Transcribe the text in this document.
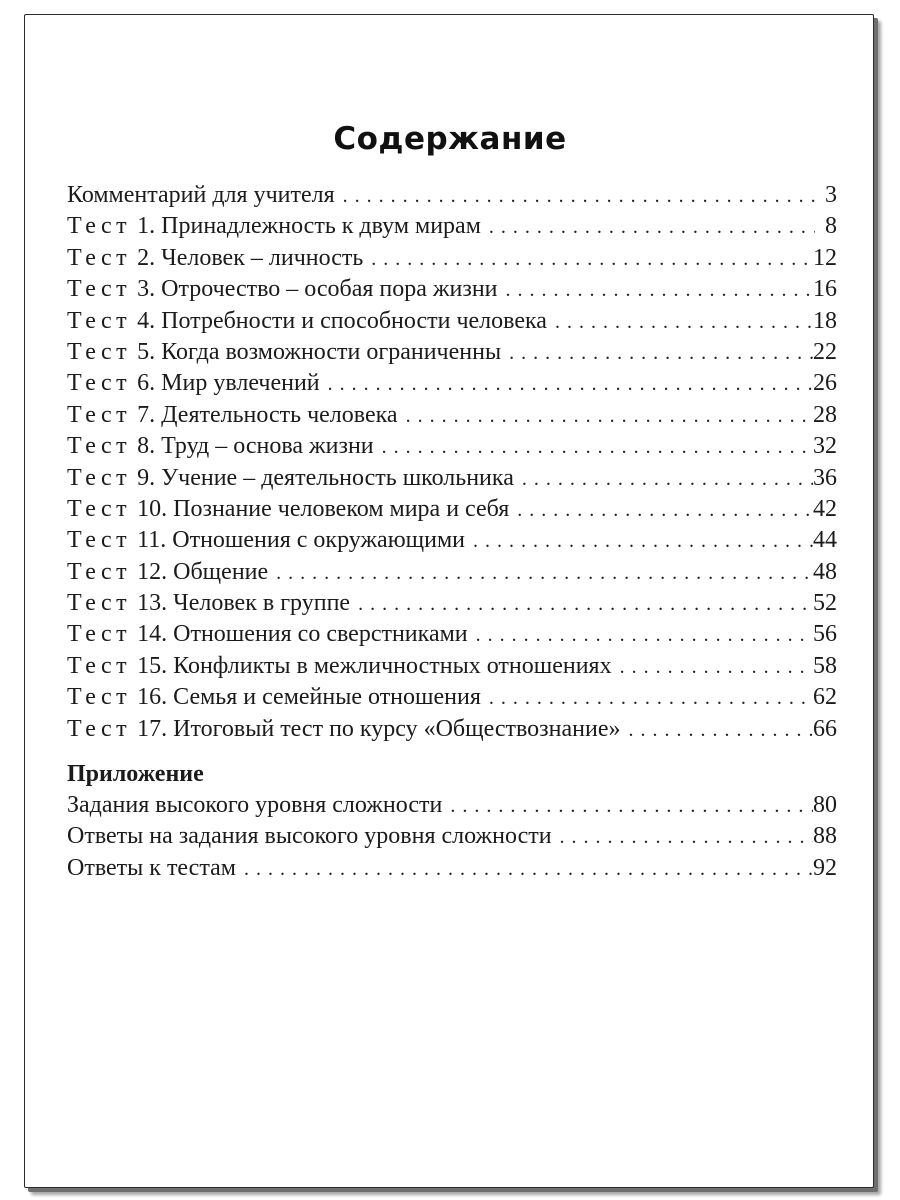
Содержание
Комментарий для учителя . . .	3
Тест 1. Принадлежность к двум мирам . . .	8
Тест 2. Человек – личность . . .	12
Тест 3. Отрочество – особая пора жизни . . .	16
Тест 4. Потребности и способности человека . . .	18
Тест 5. Когда возможности ограниченны . . .	22
Тест 6. Мир увлечений . . .	26
Тест 7. Деятельность человека . . .	28
Тест 8. Труд – основа жизни . . .	32
Тест 9. Учение – деятельность школьника . . .	36
Тест 10. Познание человеком мира и себя . . .	42
Тест 11. Отношения с окружающими . . .	44
Тест 12. Общение . . .	48
Тест 13. Человек в группе . . .	52
Тест 14. Отношения со сверстниками . . .	56
Тест 15. Конфликты в межличностных отношениях . . .	58
Тест 16. Семья и семейные отношения . . .	62
Тест 17. Итоговый тест по курсу «Обществознание» . . .	66
Приложение
Задания высокого уровня сложности . . .	80
Ответы на задания высокого уровня сложности . . .	88
Ответы к тестам . . .	92
